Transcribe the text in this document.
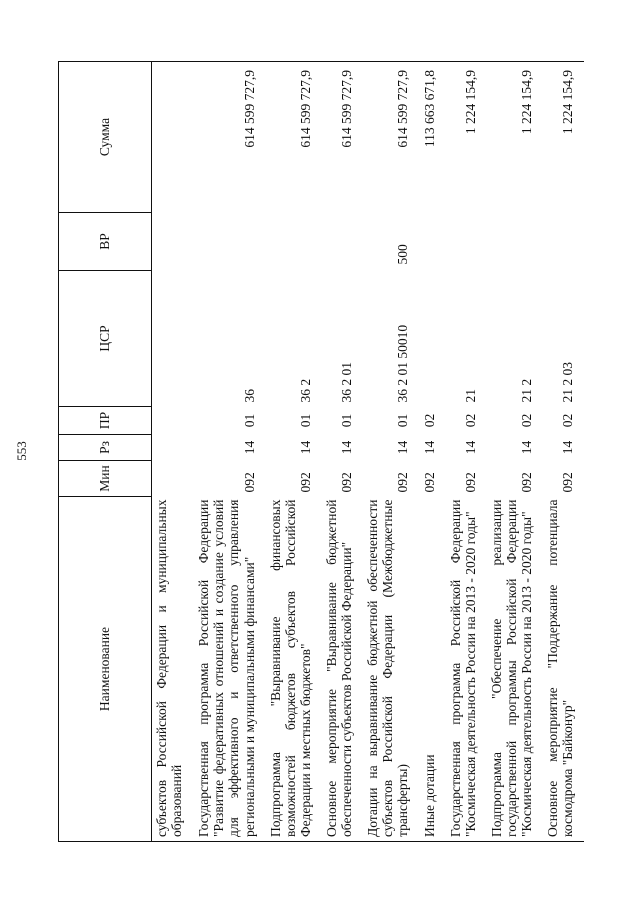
553
Наименование	Мин	Рз	ПР	ЦСР	ВР	Сумма
субъектов Российской Федерации и муниципальных образований						
Государственная программа Российской Федерации "Развитие федеративных отношений и создание условий для эффективного и ответственного управления региональными и муниципальными финансами"	092	14	01	36		614 599 727,9
Подпрограмма "Выравнивание финансовых возможностей бюджетов субъектов Российской Федерации и местных бюджетов"	092	14	01	36 2		614 599 727,9
Основное мероприятие "Выравнивание бюджетной обеспеченности субъектов Российской Федерации"	092	14	01	36 2 01		614 599 727,9
Дотации на выравнивание бюджетной обеспеченности субъектов Российской Федерации (Межбюджетные трансферты)	092	14	01	36 2 01 50010	500	614 599 727,9
Иные дотации	092	14	02			113 663 671,8
Государственная программа Российской Федерации "Космическая деятельность России на 2013 - 2020 годы"	092	14	02	21		1 224 154,9
Подпрограмма "Обеспечение реализации государственной программы Российской Федерации "Космическая деятельность России на 2013 - 2020 годы"	092	14	02	21 2		1 224 154,9
Основное мероприятие "Поддержание потенциала космодрома "Байконур"	092	14	02	21 2 03		1 224 154,9
